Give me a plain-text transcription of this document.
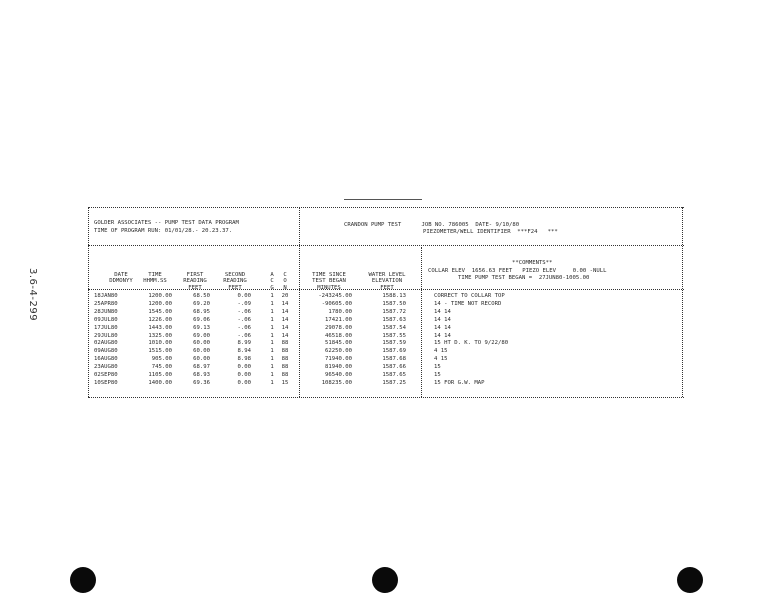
3.6-4-299
GOLDER ASSOCIATES -- PUMP TEST DATA PROGRAM
TIME OF PROGRAM RUN: 01/01/28.- 20.23.37.
CRANDON PUMP TEST      JOB NO. 786005  DATE- 9/10/80
PIEZOMETER/WELL IDENTIFIER  ***F24   ***

DATE
DDMONYY

TIME
HHMM.SS

FIRST
READING
FEET

SECOND
READING
FEET

A
C
G

C
O
N

TIME SINCE
TEST BEGAN
MINUTES

WATER LEVEL
ELEVATION
FEET

**COMMENTS**
COLLAR ELEV  1656.63 FEET   PIEZO ELEV     0.00 -NULL
TIME PUMP TEST BEGAN =  27JUN80-1005.00
18JAN80	1200.00	68.50	0.00	1	20	-243245.00	1588.13	CORRECT TO COLLAR TOP
25APR80	1200.00	69.20	-.09	1	14	-90605.00	1587.50	14 - TIME NOT RECORD
28JUN80	1545.00	68.95	-.06	1	14	1780.00	1587.72	14 14
09JUL80	1226.00	69.06	-.06	1	14	17421.00	1587.63	14 14
17JUL80	1443.00	69.13	-.06	1	14	29078.00	1587.54	14 14
29JUL80	1325.00	69.00	-.06	1	14	46518.00	1587.55	14 14
02AUG80	1010.00	60.00	8.99	1	88	51845.00	1587.59	15 HT D. K. TO 9/22/80
09AUG80	1515.00	60.00	8.94	1	88	62250.00	1587.69	4 15
16AUG80	905.00	60.00	8.98	1	88	71940.00	1587.68	4 15
23AUG80	745.00	68.97	0.00	1	88	81940.00	1587.66	15
02SEP80	1105.00	68.93	0.00	1	88	96540.00	1587.65	15
10SEP80	1400.00	69.36	0.00	1	15	108235.00	1587.25	15 FOR G.W. MAP
